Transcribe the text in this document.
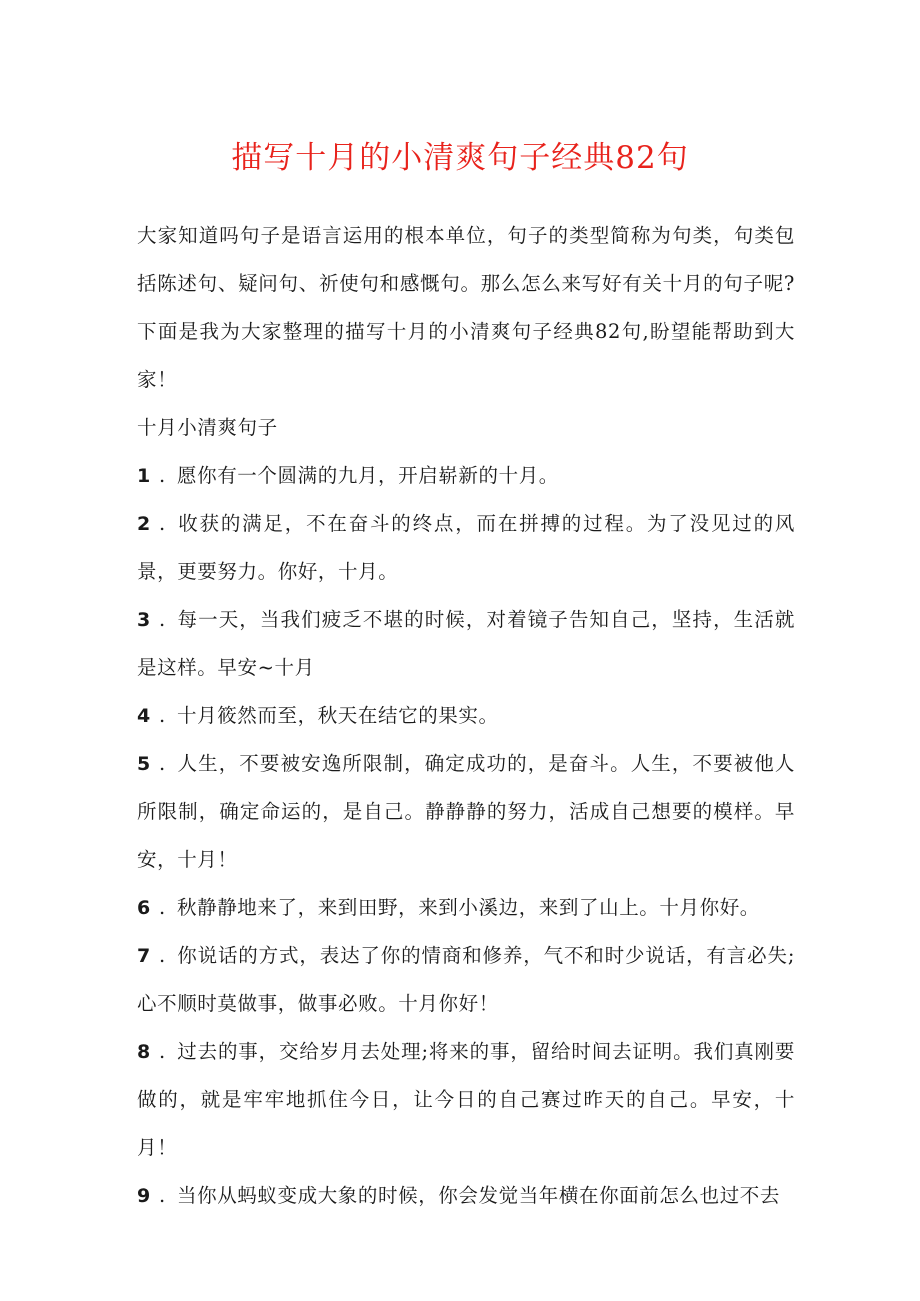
描写十月的小清爽句子经典82句

大家知道吗句子是语言运用的根本单位，句子的类型简称为句类，句类包括陈述句、疑问句、祈使句和感慨句。那么怎么来写好有关十月的句子呢?下面是我为大家整理的描写十月的小清爽句子经典82句,盼望能帮助到大家！

十月小清爽句子

1 . 愿你有一个圆满的九月，开启崭新的十月。

2 . 收获的满足，不在奋斗的终点，而在拼搏的过程。为了没见过的风景，更要努力。你好，十月。

3 . 每一天，当我们疲乏不堪的时候，对着镜子告知自己，坚持，生活就是这样。早安~十月

4 . 十月筱然而至，秋天在结它的果实。

5 . 人生，不要被安逸所限制，确定成功的，是奋斗。人生，不要被他人所限制，确定命运的，是自己。静静静的努力，活成自己想要的模样。早安，十月！

6 . 秋静静地来了，来到田野，来到小溪边，来到了山上。十月你好。

7 . 你说话的方式，表达了你的情商和修养，气不和时少说话，有言必失;心不顺时莫做事，做事必败。十月你好！

8 . 过去的事，交给岁月去处理;将来的事，留给时间去证明。我们真刚要做的，就是牢牢地抓住今日，让今日的自己赛过昨天的自己。早安，十月！

9 . 当你从蚂蚁变成大象的时候，你会发觉当年横在你面前怎么也过不去
